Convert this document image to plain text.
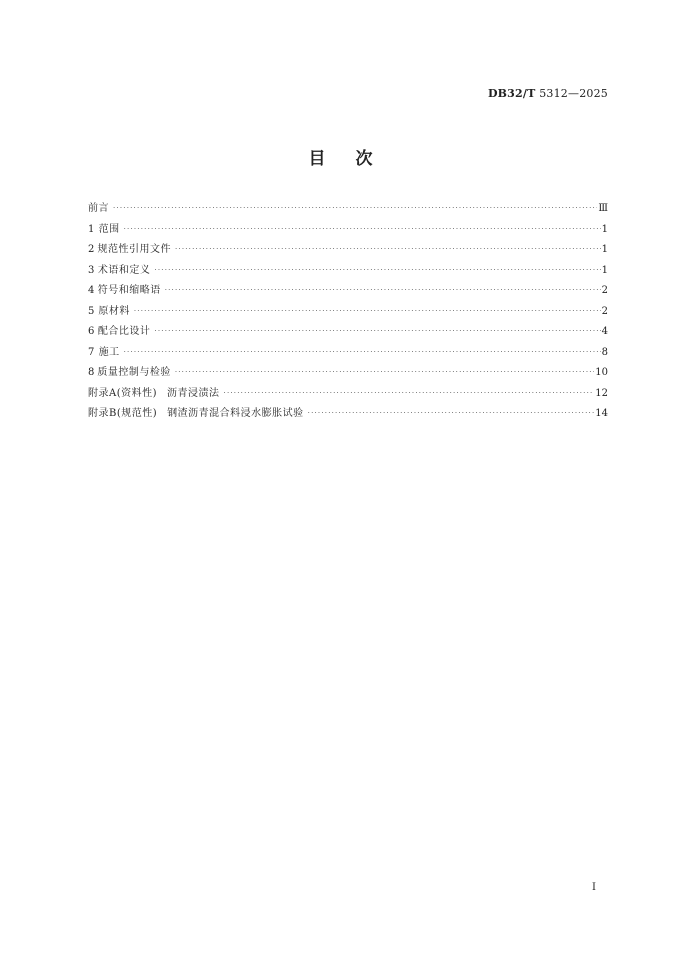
DB32/T 5312—2025
目次
前言 ·····	Ⅲ
1 范围 ·····	1
2 规范性引用文件 ·····	1
3 术语和定义 ·····	1
4 符号和缩略语 ·····	2
5 原材料 ·····	2
6 配合比设计 ·····	4
7 施工 ·····	8
8 质量控制与检验 ·····	10
附录A(资料性) 沥青浸渍法 ·····	12
附录B(规范性) 钢渣沥青混合料浸水膨胀试验 ·····	14
Ⅰ
